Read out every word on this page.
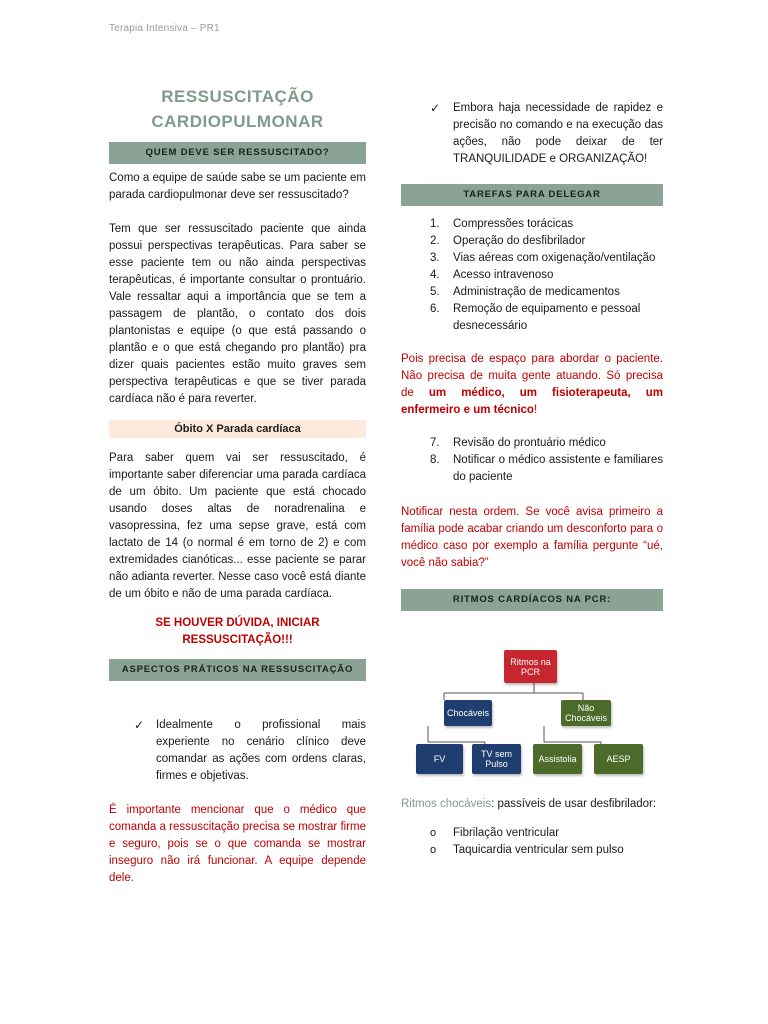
Terapia Intensiva – PR1
RESSUSCITAÇÃO
CARDIOPULMONAR
QUEM DEVE SER RESSUSCITADO?

Como a equipe de saúde sabe se um paciente em parada cardiopulmonar deve ser ressuscitado?

Tem que ser ressuscitado paciente que ainda possui perspectivas terapêuticas. Para saber se esse paciente tem ou não ainda perspectivas terapêuticas, é importante consultar o prontuário. Vale ressaltar aqui a importância que se tem a passagem de plantão, o contato dos dois plantonistas e equipe (o que está passando o plantão e o que está chegando pro plantão) pra dizer quais pacientes estão muito graves sem perspectiva terapêuticas e que se tiver parada cardíaca não é para reverter.

Óbito X Parada cardíaca

Para saber quem vai ser ressuscitado, é importante saber diferenciar uma parada cardíaca de um óbito. Um paciente que está chocado usando doses altas de noradrenalina e vasopressina, fez uma sepse grave, está com lactato de 14 (o normal é em torno de 2) e com extremidades cianóticas... esse paciente se parar não adianta reverter. Nesse caso você está diante de um óbito e não de uma parada cardíaca.

SE HOUVER DÚVIDA, INICIAR
RESSUSCITAÇÃO!!!
ASPECTOS PRÁTICOS NA RESSUSCITAÇÃO
✓ Idealmente o profissional mais experiente no cenário clínico deve comandar as ações com ordens claras, firmes e objetivas.

É importante mencionar que o médico que comanda a ressuscitação precisa se mostrar firme e seguro, pois se o que comanda se mostrar inseguro não irá funcionar. A equipe depende dele.

✓ Embora haja necessidade de rapidez e precisão no comando e na execução das ações, não pode deixar de ter TRANQUILIDADE e ORGANIZAÇÃO!
TAREFAS PARA DELEGAR
1. Compressões torácicas
2. Operação do desfibrilador
3. Vias aéreas com oxigenação/ventilação
4. Acesso intravenoso
5. Administração de medicamentos
6. Remoção de equipamento e pessoal desnecessário

Pois precisa de espaço para abordar o paciente. Não precisa de muita gente atuando. Só precisa de um médico, um fisioterapeuta, um enfermeiro e um técnico!

7. Revisão do prontuário médico
8. Notificar o médico assistente e familiares do paciente

Notificar nesta ordem. Se você avisa primeiro a família pode acabar criando um desconforto para o médico caso por exemplo a família pergunte “ué, você não sabia?”

RITMOS CARDÍACOS NA PCR:
Ritmos na PCR
Chocáveis	Não Chocáveis
FV	TV sem Pulso	Assistolia	AESP

Ritmos chocáveis: passíveis de usar desfibrilador:

o Fibrilação ventricular
o Taquicardia ventricular sem pulso
